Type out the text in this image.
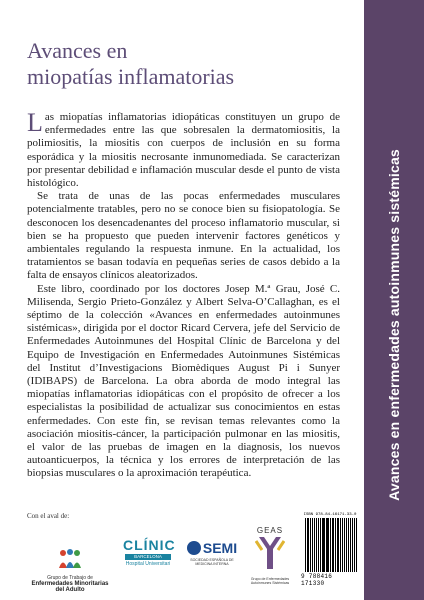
Avances en enfermedades autoinmunes sistémicas
Avances en
miopatías inflamatorias

Las miopatías inflamatorias idiopáticas constituyen un grupo de enfermedades entre las que sobresalen la dermatomiositis, la polimiositis, la miositis con cuerpos de inclusión en su forma esporádica y la miositis necrosante inmunomediada. Se caracterizan por presentar debilidad e inflamación muscular desde el punto de vista histológico.

Se trata de unas de las pocas enfermedades musculares potencialmente tratables, pero no se conoce bien su fisiopatología. Se desconocen los desencadenantes del proceso inflamatorio muscular, si bien se ha propuesto que pueden intervenir factores genéticos y ambientales regulando la respuesta inmune. En la actualidad, los tratamientos se basan todavía en pequeñas series de casos debido a la falta de ensayos clínicos aleatorizados.

Este libro, coordinado por los doctores Josep M.ª Grau, José C. Milisenda, Sergio Prieto-González y Albert Selva-O’Callaghan, es el séptimo de la colección «Avances en enfermedades autoinmunes sistémicas», dirigida por el doctor Ricard Cervera, jefe del Servicio de Enfermedades Autoinmunes del Hospital Clínic de Barcelona y del Equipo de Investigación en Enfermedades Autoinmunes Sistémicas del Institut d’Investigacions Biomèdiques August Pi i Sunyer (IDIBAPS) de Barcelona. La obra aborda de modo integral las miopatías inflamatorias idiopáticas con el propósito de ofrecer a los especialistas la posibilidad de actualizar sus conocimientos en estas enfermedades. Con este fin, se revisan temas relevantes como la asociación miositis-cáncer, la participación pulmonar en las miositis, el valor de las pruebas de imagen en la diagnosis, los nuevos autoanticuerpos, la técnica y los errores de interpretación de las biopsias musculares o la aproximación terapéutica.

Con el aval de:
Grupo de Trabajo de
Enfermedades Minoritarias
del Adulto
CLÍNIC
BARCELONA
Hospital Universitari
SEMI
SOCIEDAD ESPAÑOLA DE MEDICINA INTERNA
GEAS
Grupo de Enfermedades Autoinmunes Sistémicas
ISBN 978-84-16171-33-0
9 788416 171330
